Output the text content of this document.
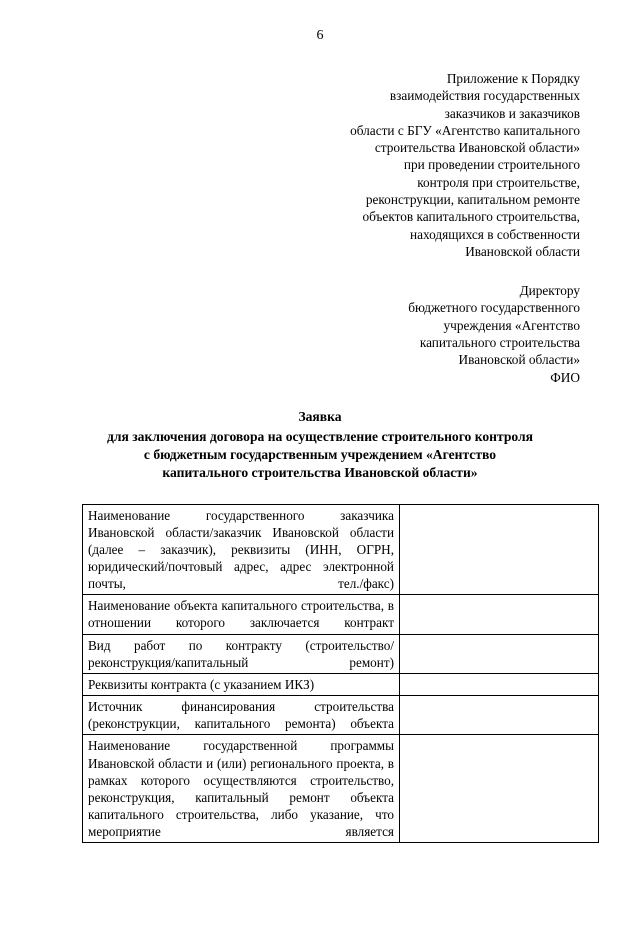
6
Приложение к Порядку
взаимодействия государственных
заказчиков и заказчиков
области с БГУ «Агентство капитального
строительства Ивановской области»
при проведении строительного
контроля при строительстве,
реконструкции, капитальном ремонте
объектов капитального строительства,
находящихся в собственности
Ивановской области
Директору
бюджетного государственного
учреждения «Агентство
капитального строительства
Ивановской области»
ФИО
Заявка
для заключения договора на осуществление строительного контроля
с бюджетным государственным учреждением «Агентство
капитального строительства Ивановской области»
Наименование государственного заказчика Ивановской области/заказчик Ивановской области (далее – заказчик), реквизиты (ИНН, ОГРН, юридический/почтовый адрес, адрес электронной почты, тел./факс)	
Наименование объекта капитального строительства, в отношении которого заключается контракт	
Вид работ по контракту (строительство/реконструкция/капитальный ремонт)	
Реквизиты контракта (с указанием ИКЗ)	
Источник финансирования строительства (реконструкции, капитального ремонта) объекта	
Наименование государственной программы Ивановской области и (или) регионального проекта, в рамках которого осуществляются строительство, реконструкция, капитальный ремонт объекта капитального строительства, либо указание, что мероприятие является	
